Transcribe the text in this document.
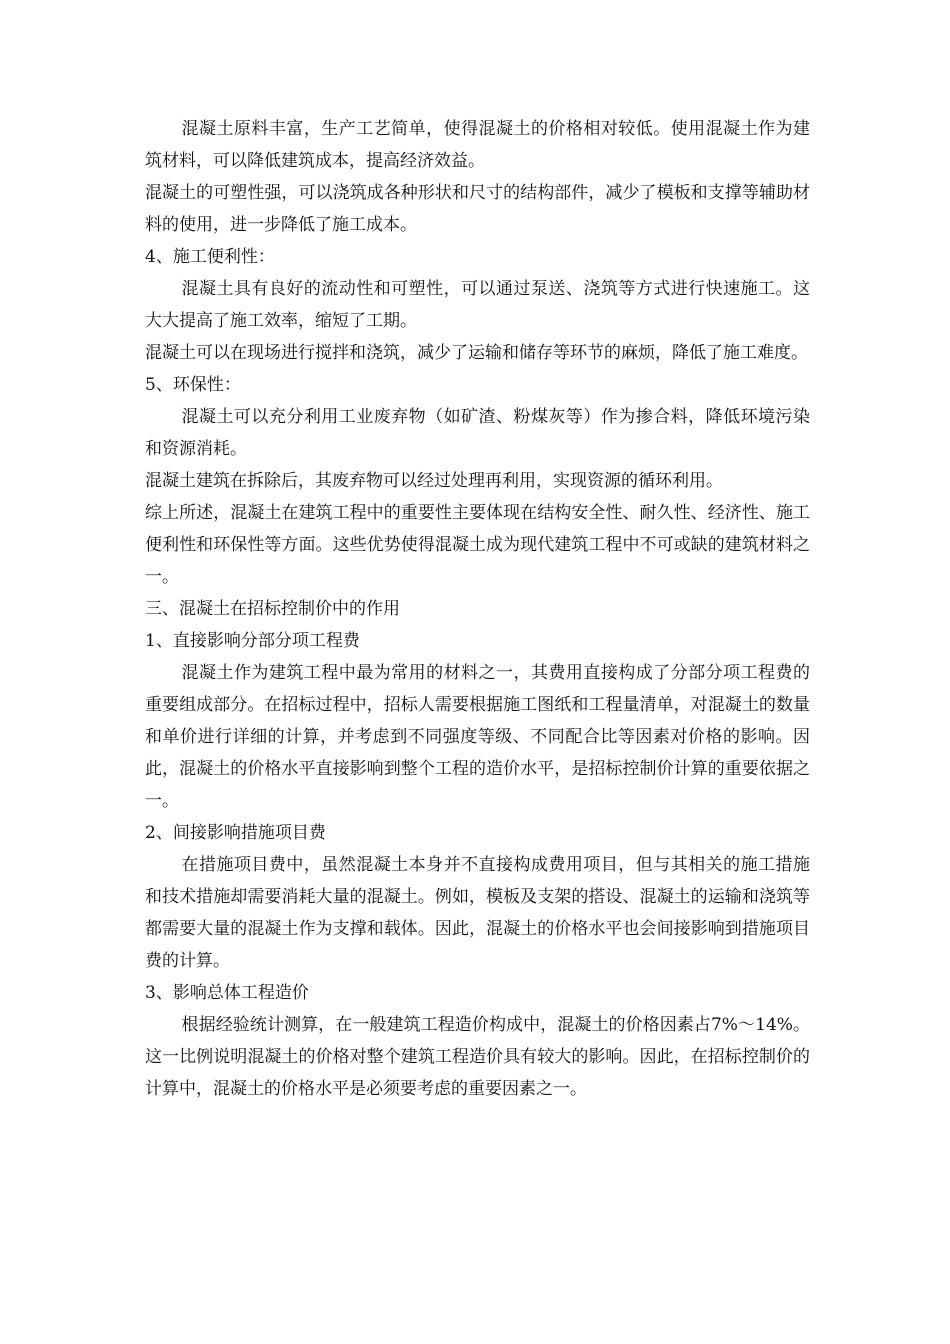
混凝土原料丰富，生产工艺简单，使得混凝土的价格相对较低。使用混凝土作为建筑材料，可以降低建筑成本，提高经济效益。

混凝土的可塑性强，可以浇筑成各种形状和尺寸的结构部件，减少了模板和支撑等辅助材料的使用，进一步降低了施工成本。

4、施工便利性：

混凝土具有良好的流动性和可塑性，可以通过泵送、浇筑等方式进行快速施工。这大大提高了施工效率，缩短了工期。

混凝土可以在现场进行搅拌和浇筑，减少了运输和储存等环节的麻烦，降低了施工难度。

5、环保性：

混凝土可以充分利用工业废弃物（如矿渣、粉煤灰等）作为掺合料，降低环境污染和资源消耗。

混凝土建筑在拆除后，其废弃物可以经过处理再利用，实现资源的循环利用。

综上所述，混凝土在建筑工程中的重要性主要体现在结构安全性、耐久性、经济性、施工便利性和环保性等方面。这些优势使得混凝土成为现代建筑工程中不可或缺的建筑材料之一。

三、混凝土在招标控制价中的作用

1、直接影响分部分项工程费

混凝土作为建筑工程中最为常用的材料之一，其费用直接构成了分部分项工程费的重要组成部分。在招标过程中，招标人需要根据施工图纸和工程量清单，对混凝土的数量和单价进行详细的计算，并考虑到不同强度等级、不同配合比等因素对价格的影响。因此，混凝土的价格水平直接影响到整个工程的造价水平，是招标控制价计算的重要依据之一。

2、间接影响措施项目费

在措施项目费中，虽然混凝土本身并不直接构成费用项目，但与其相关的施工措施和技术措施却需要消耗大量的混凝土。例如，模板及支架的搭设、混凝土的运输和浇筑等都需要大量的混凝土作为支撑和载体。因此，混凝土的价格水平也会间接影响到措施项目费的计算。

3、影响总体工程造价

根据经验统计测算，在一般建筑工程造价构成中，混凝土的价格因素占7%～14%。这一比例说明混凝土的价格对整个建筑工程造价具有较大的影响。因此，在招标控制价的计算中，混凝土的价格水平是必须要考虑的重要因素之一。
